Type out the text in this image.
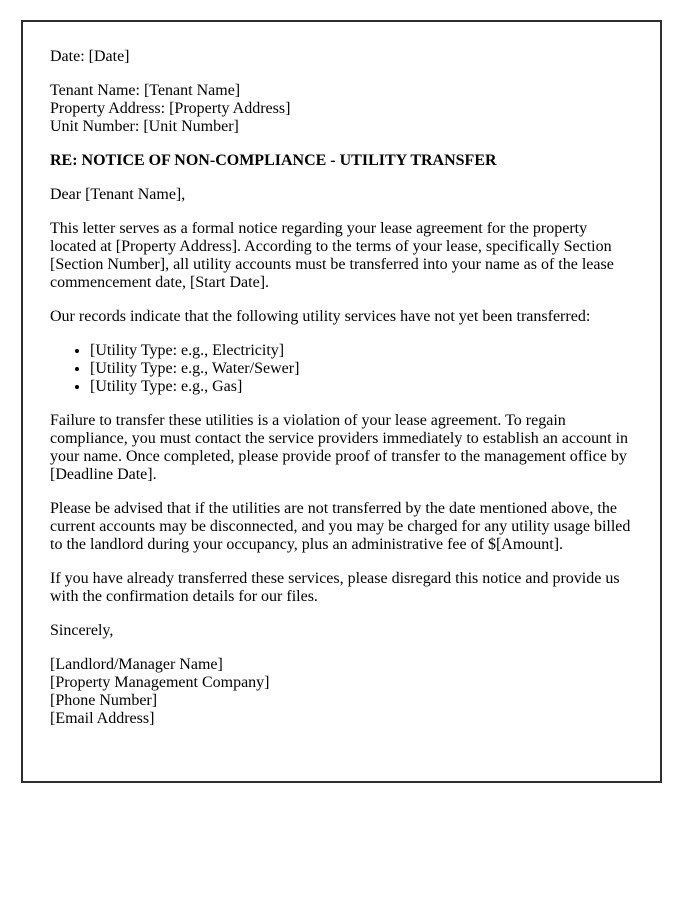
Date: [Date]

Tenant Name: [Tenant Name]
Property Address: [Property Address]
Unit Number: [Unit Number]

RE: NOTICE OF NON-COMPLIANCE - UTILITY TRANSFER

Dear [Tenant Name],

This letter serves as a formal notice regarding your lease agreement for the property located at [Property Address]. According to the terms of your lease, specifically Section [Section Number], all utility accounts must be transferred into your name as of the lease commencement date, [Start Date].

Our records indicate that the following utility services have not yet been transferred:

• [Utility Type: e.g., Electricity]
• [Utility Type: e.g., Water/Sewer]
• [Utility Type: e.g., Gas]

Failure to transfer these utilities is a violation of your lease agreement. To regain compliance, you must contact the service providers immediately to establish an account in your name. Once completed, please provide proof of transfer to the management office by [Deadline Date].

Please be advised that if the utilities are not transferred by the date mentioned above, the current accounts may be disconnected, and you may be charged for any utility usage billed to the landlord during your occupancy, plus an administrative fee of $[Amount].

If you have already transferred these services, please disregard this notice and provide us with the confirmation details for our files.

Sincerely,

[Landlord/Manager Name]
[Property Management Company]
[Phone Number]
[Email Address]
